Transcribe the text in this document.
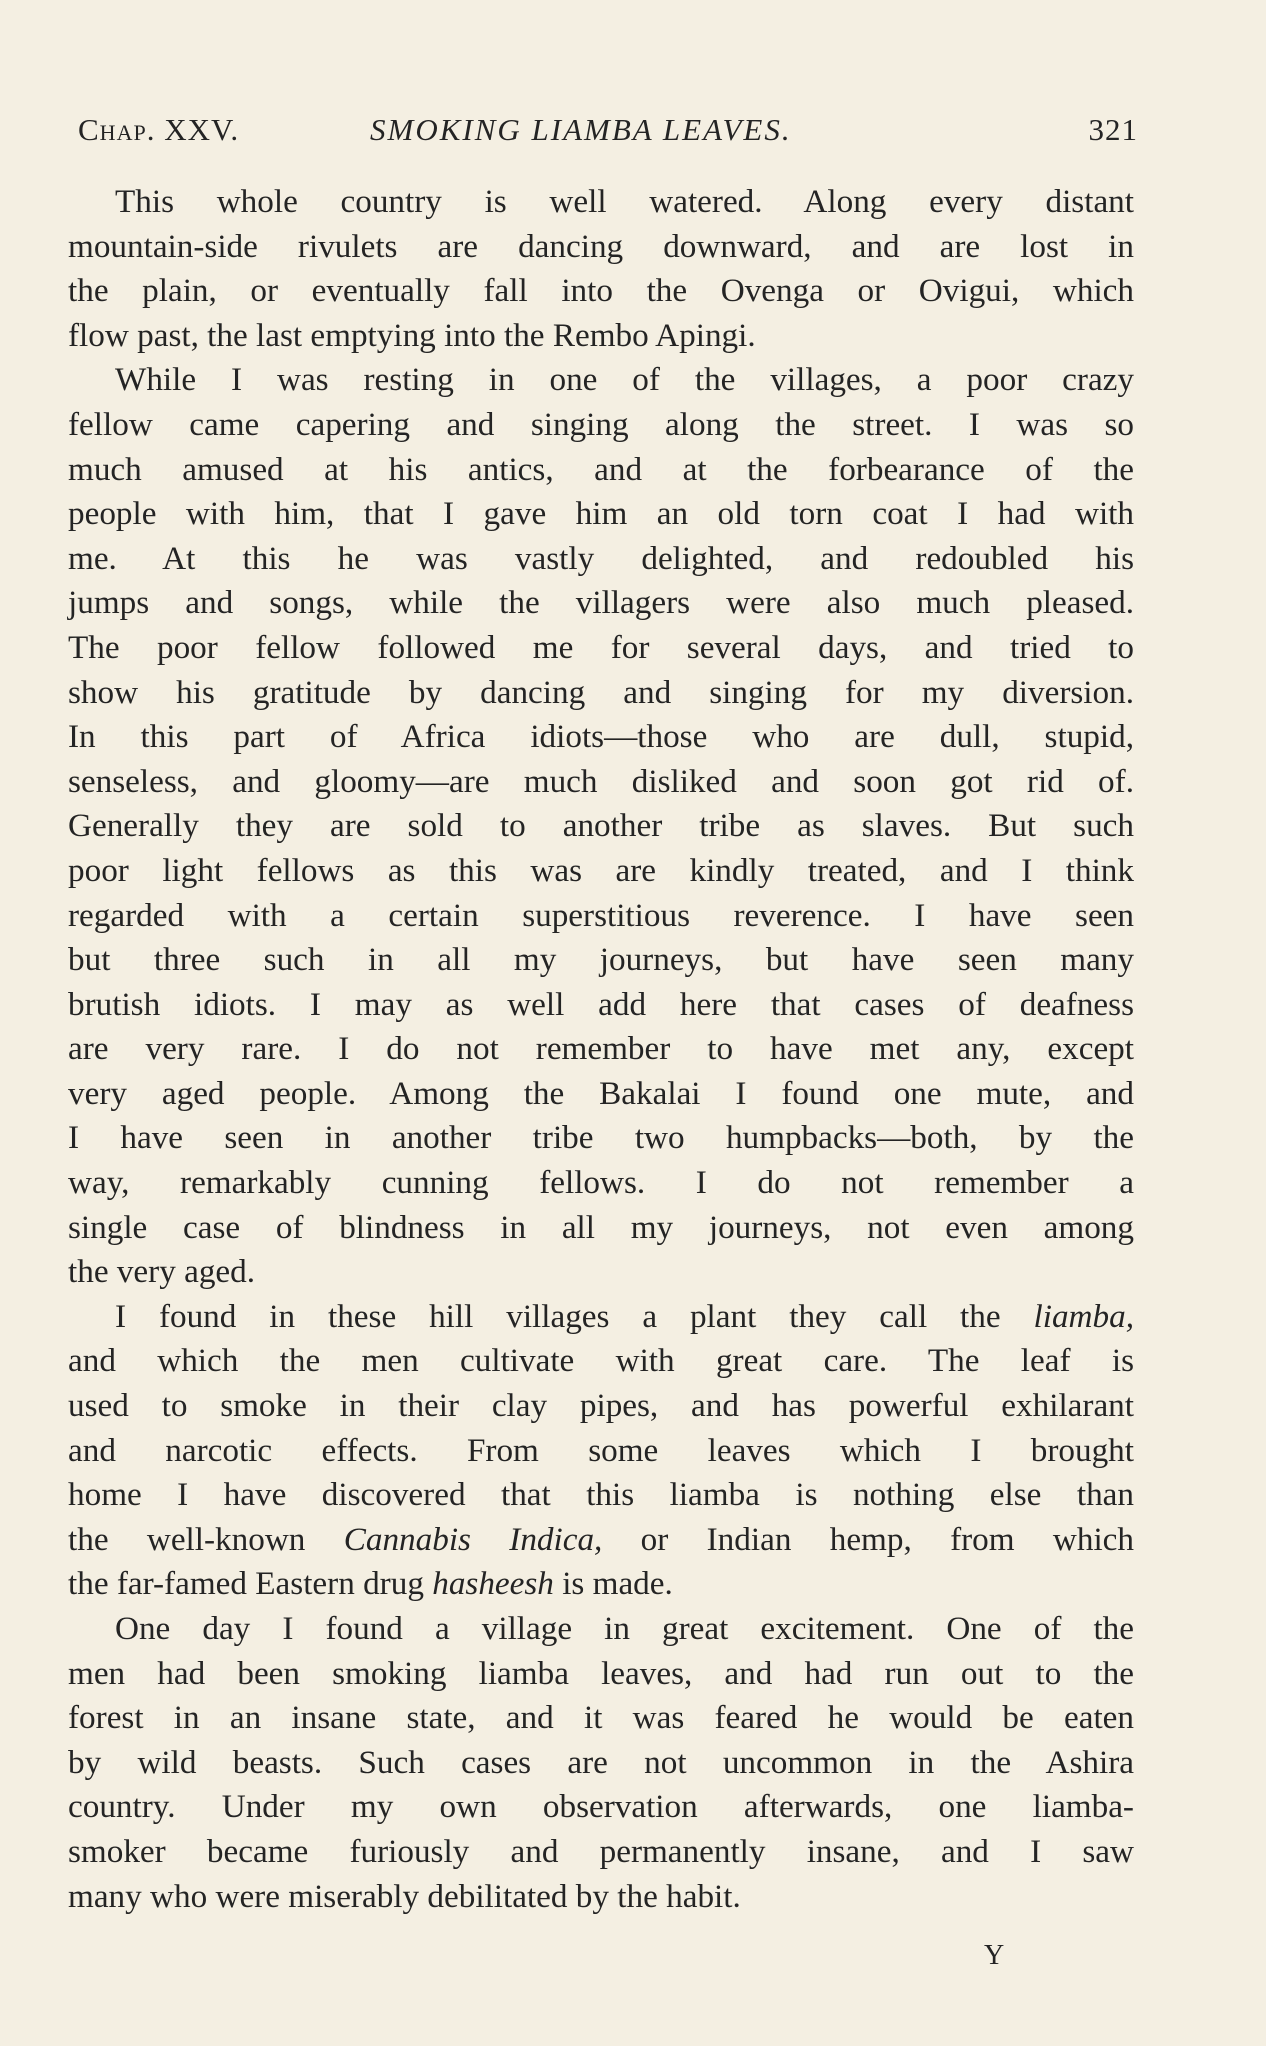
Chap. XXV.	SMOKING LIAMBA LEAVES.	321
This whole country is well watered. Along every distant
mountain-side rivulets are dancing downward, and are lost in
the plain, or eventually fall into the Ovenga or Ovigui, which
flow past, the last emptying into the Rembo Apingi.
While I was resting in one of the villages, a poor crazy
fellow came capering and singing along the street. I was so
much amused at his antics, and at the forbearance of the
people with him, that I gave him an old torn coat I had with
me. At this he was vastly delighted, and redoubled his
jumps and songs, while the villagers were also much pleased.
The poor fellow followed me for several days, and tried to
show his gratitude by dancing and singing for my diversion.
In this part of Africa idiots—those who are dull, stupid,
senseless, and gloomy—are much disliked and soon got rid of.
Generally they are sold to another tribe as slaves. But such
poor light fellows as this was are kindly treated, and I think
regarded with a certain superstitious reverence. I have seen
but three such in all my journeys, but have seen many
brutish idiots. I may as well add here that cases of deafness
are very rare. I do not remember to have met any, except
very aged people. Among the Bakalai I found one mute, and
I have seen in another tribe two humpbacks—both, by the
way, remarkably cunning fellows. I do not remember a
single case of blindness in all my journeys, not even among
the very aged.
I found in these hill villages a plant they call the liamba,
and which the men cultivate with great care. The leaf is
used to smoke in their clay pipes, and has powerful exhilarant
and narcotic effects. From some leaves which I brought
home I have discovered that this liamba is nothing else than
the well-known Cannabis Indica, or Indian hemp, from which
the far-famed Eastern drug hasheesh is made.
One day I found a village in great excitement. One of the
men had been smoking liamba leaves, and had run out to the
forest in an insane state, and it was feared he would be eaten
by wild beasts. Such cases are not uncommon in the Ashira
country. Under my own observation afterwards, one liamba-
smoker became furiously and permanently insane, and I saw
many who were miserably debilitated by the habit.
Y
